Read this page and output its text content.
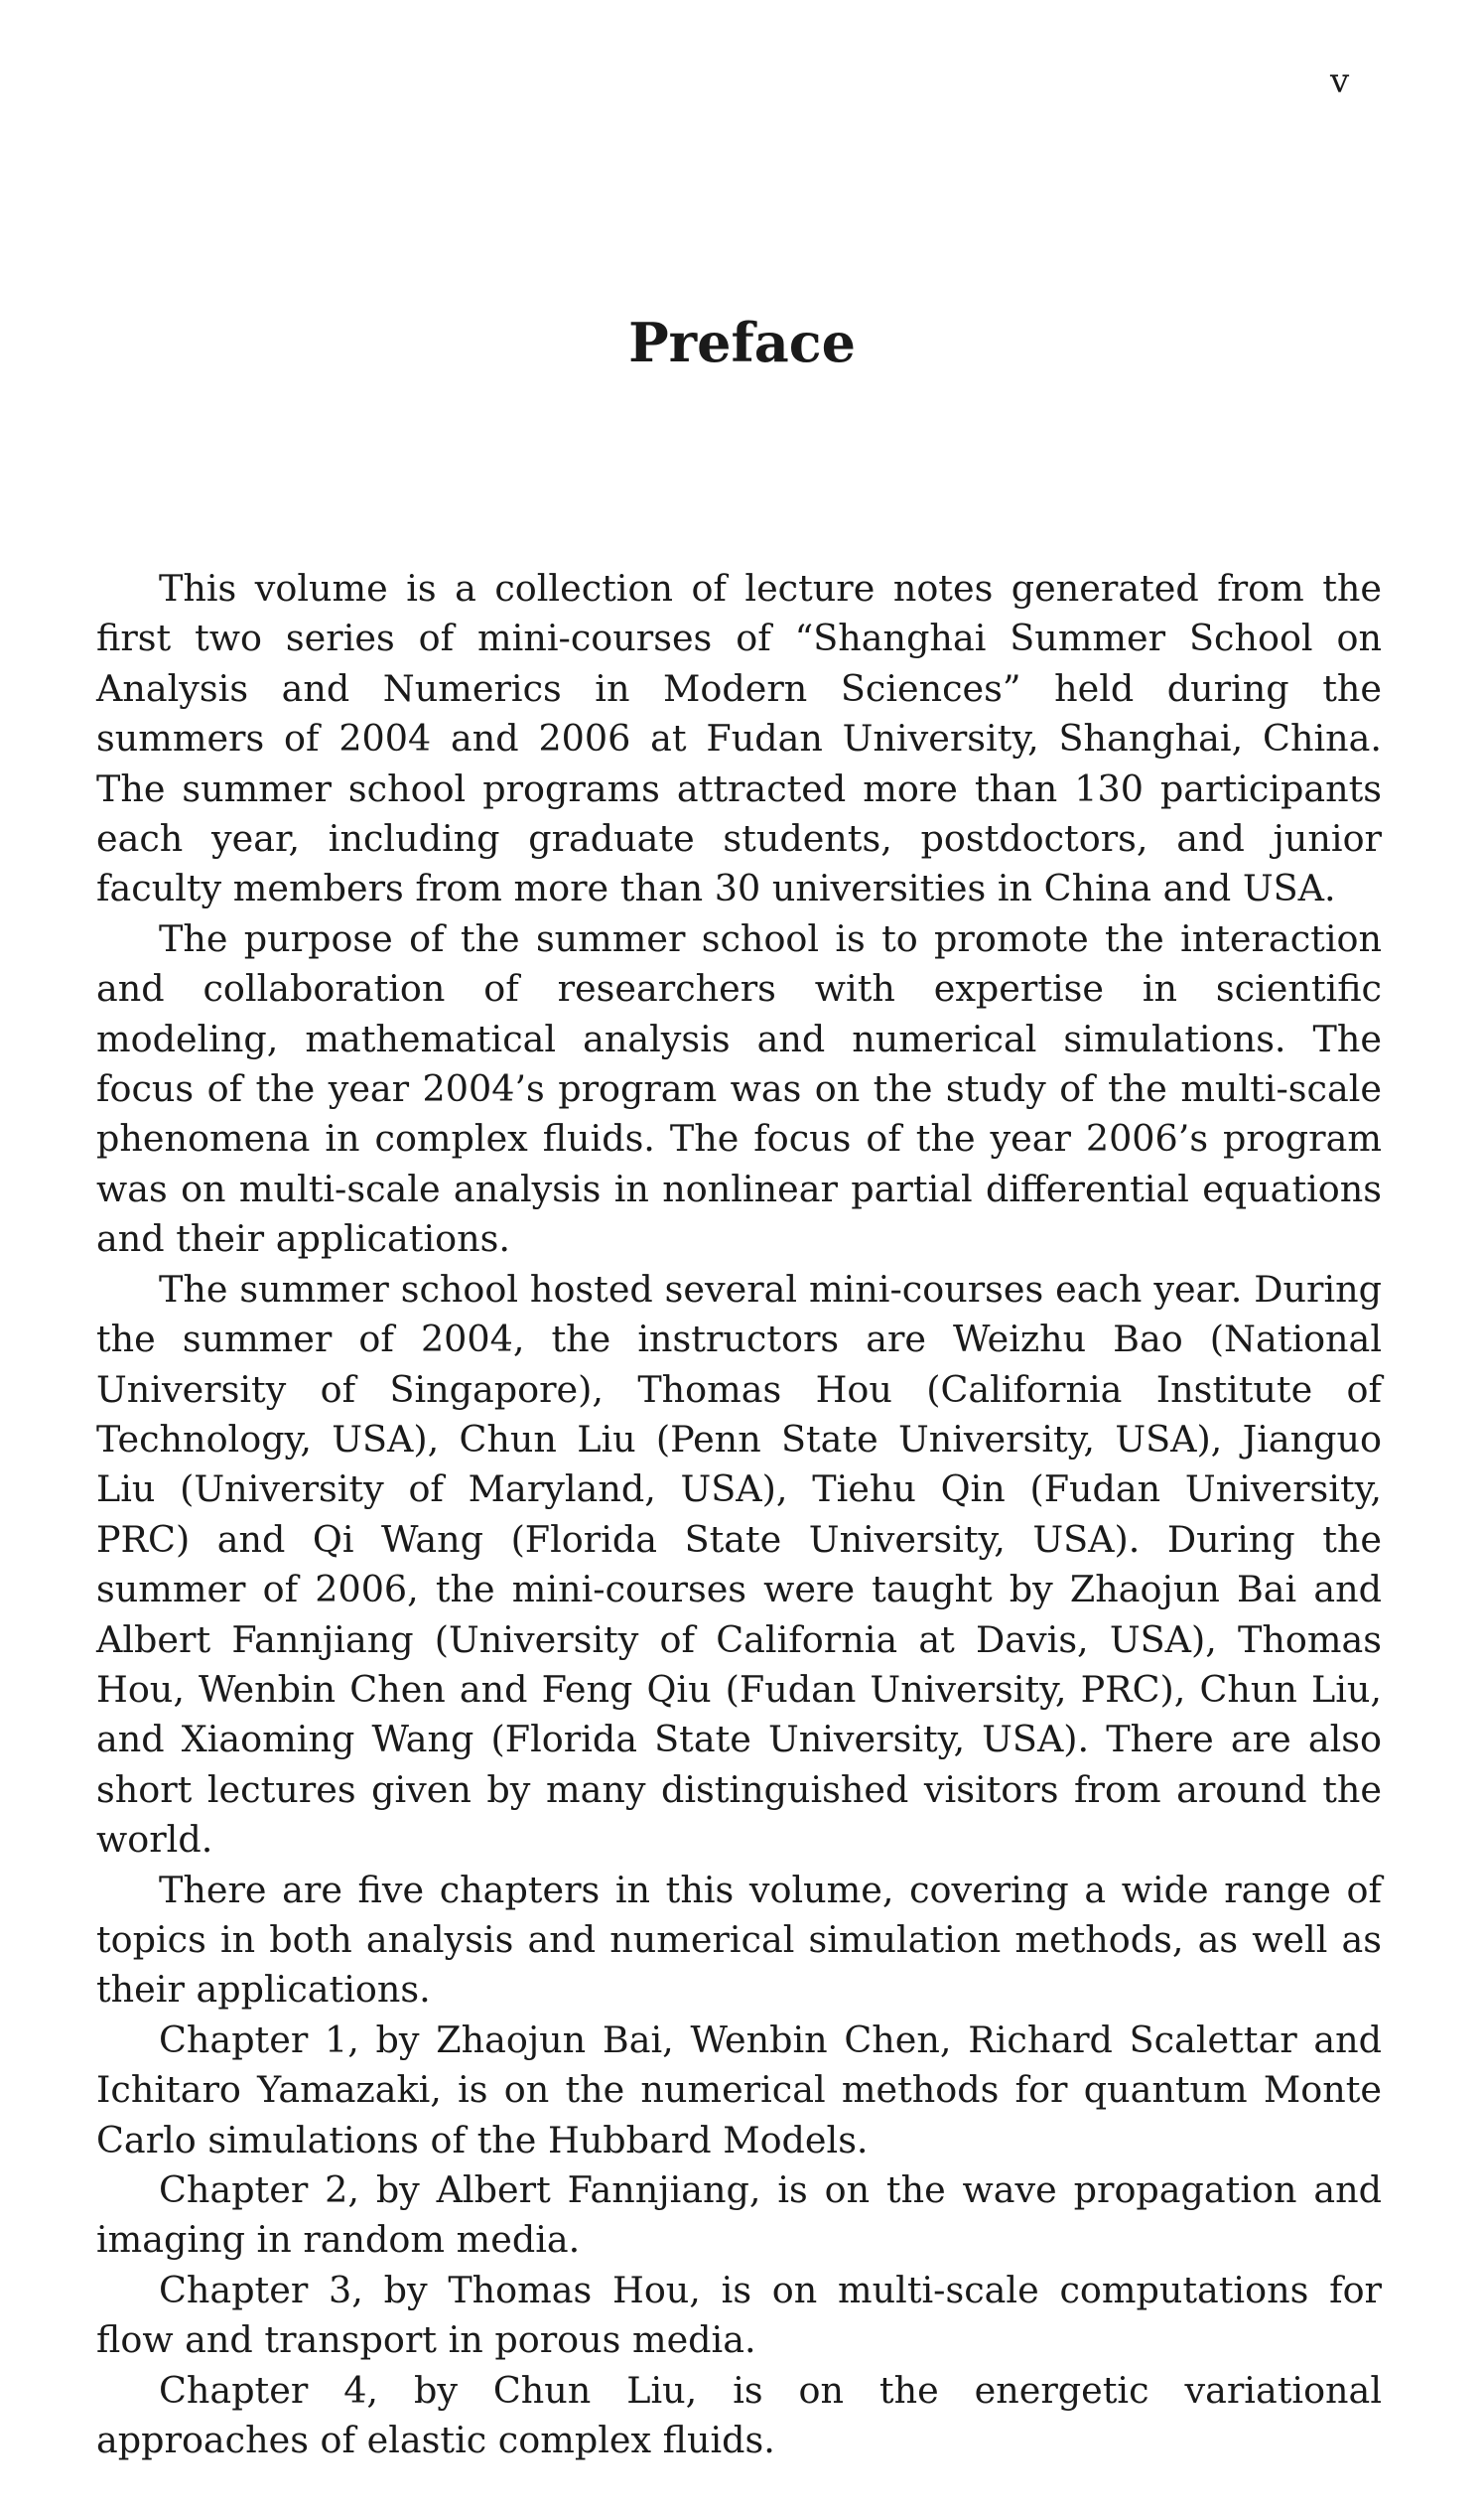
v
Preface

This volume is a collection of lecture notes generated from the first two series of mini-courses of “Shanghai Summer School on Analysis and Numerics in Modern Sciences” held during the summers of 2004 and 2006 at Fudan University, Shanghai, China. The summer school programs attracted more than 130 participants each year, including graduate students, postdoctors, and junior faculty members from more than 30 universities in China and USA.

The purpose of the summer school is to promote the interaction and collaboration of researchers with expertise in scientific modeling, mathematical analysis and numerical simulations. The focus of the year 2004’s program was on the study of the multi-scale phenomena in complex fluids. The focus of the year 2006’s program was on multi-scale analysis in nonlinear partial differential equations and their applications.

The summer school hosted several mini-courses each year. During the summer of 2004, the instructors are Weizhu Bao (National University of Singapore), Thomas Hou (California Institute of Technology, USA), Chun Liu (Penn State University, USA), Jianguo Liu (University of Maryland, USA), Tiehu Qin (Fudan University, PRC) and Qi Wang (Florida State University, USA). During the summer of 2006, the mini-courses were taught by Zhaojun Bai and Albert Fannjiang (University of California at Davis, USA), Thomas Hou, Wenbin Chen and Feng Qiu (Fudan University, PRC), Chun Liu, and Xiaoming Wang (Florida State University, USA). There are also short lectures given by many distinguished visitors from around the world.

There are five chapters in this volume, covering a wide range of topics in both analysis and numerical simulation methods, as well as their applications.

Chapter 1, by Zhaojun Bai, Wenbin Chen, Richard Scalettar and Ichitaro Yamazaki, is on the numerical methods for quantum Monte Carlo simulations of the Hubbard Models.

Chapter 2, by Albert Fannjiang, is on the wave propagation and imaging in random media.

Chapter 3, by Thomas Hou, is on multi-scale computations for flow and transport in porous media.

Chapter 4, by Chun Liu, is on the energetic variational approaches of elastic complex fluids.
